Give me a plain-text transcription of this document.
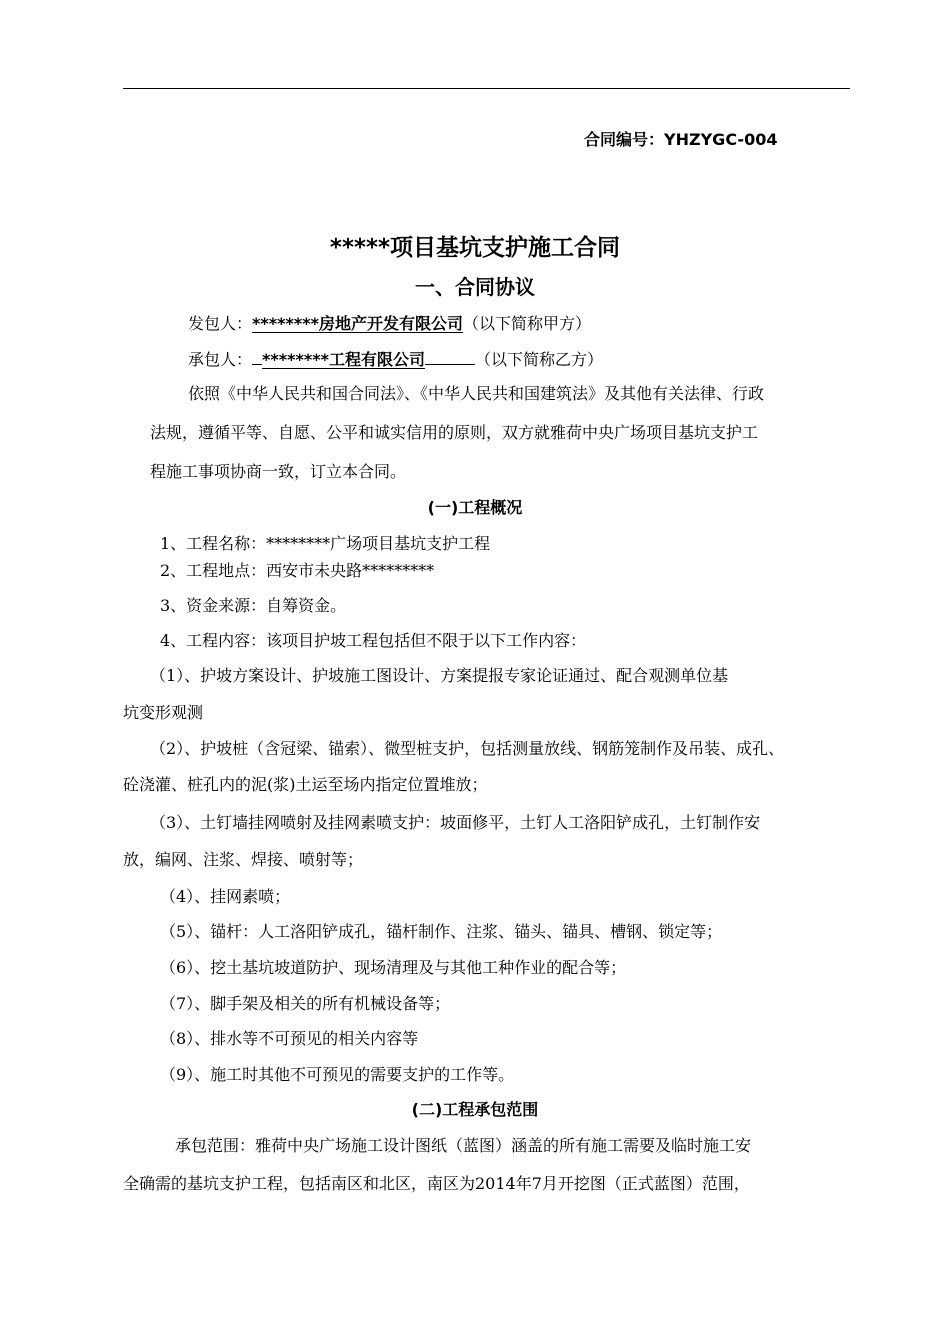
合同编号：YHZYGC-004
*****项目基坑支护施工合同
一、合同协议
发包人：********房地产开发有限公司（以下简称甲方）
承包人： ********工程有限公司	（以下简称乙方）
依照《中华人民共和国合同法》、《中华人民共和国建筑法》及其他有关法律、行政
法规，遵循平等、自愿、公平和诚实信用的原则，双方就雅荷中央广场项目基坑支护工
程施工事项协商一致，订立本合同。
(一)工程概况
1、工程名称：********广场项目基坑支护工程
2、工程地点：西安市未央路*********
3、资金来源：自筹资金。
4、工程内容：该项目护坡工程包括但不限于以下工作内容：
（1）、护坡方案设计、护坡施工图设计、方案提报专家论证通过、配合观测单位基
坑变形观测
（2）、护坡桩（含冠梁、锚索）、微型桩支护，包括测量放线、钢筋笼制作及吊装、成孔、
砼浇灌、桩孔内的泥(浆)土运至场内指定位置堆放；
（3）、土钉墙挂网喷射及挂网素喷支护：坡面修平，土钉人工洛阳铲成孔，土钉制作安
放，编网、注浆、焊接、喷射等；
（4）、挂网素喷；
（5）、锚杆：人工洛阳铲成孔，锚杆制作、注浆、锚头、锚具、槽钢、锁定等；
（6）、挖土基坑坡道防护、现场清理及与其他工种作业的配合等；
（7）、脚手架及相关的所有机械设备等；
（8）、排水等不可预见的相关内容等
（9）、施工时其他不可预见的需要支护的工作等。
(二)工程承包范围
承包范围：雅荷中央广场施工设计图纸（蓝图）涵盖的所有施工需要及临时施工安
全确需的基坑支护工程，包括南区和北区，南区为2014年7月开挖图（正式蓝图）范围，
